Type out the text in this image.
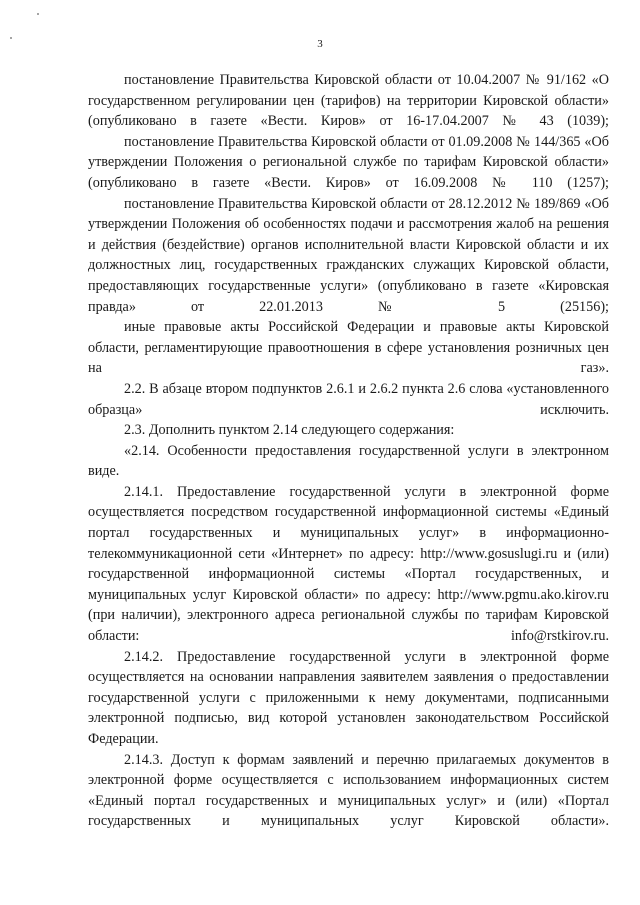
3

постановление Правительства Кировской области от 10.04.2007 № 91/162 «О государственном регулировании цен (тарифов) на территории Кировской области» (опубликовано в газете «Вести. Киров» от 16-17.04.2007 № 43 (1039);

постановление Правительства Кировской области от 01.09.2008 № 144/365 «Об утверждении Положения о региональной службе по тарифам Кировской области» (опубликовано в газете «Вести. Киров» от 16.09.2008 № 110 (1257);

постановление Правительства Кировской области от 28.12.2012 № 189/869 «Об утверждении Положения об особенностях подачи и рассмотрения жалоб на решения и действия (бездействие) органов исполнительной власти Кировской области и их должностных лиц, государственных гражданских служащих Кировской области, предоставляющих государственные услуги» (опубликовано в газете «Кировская правда» от 22.01.2013 № 5 (25156);

иные правовые акты Российской Федерации и правовые акты Кировской области, регламентирующие правоотношения в сфере установления розничных цен на газ».

2.2. В абзаце втором подпунктов 2.6.1 и 2.6.2 пункта 2.6 слова «установленного образца» исключить.

2.3. Дополнить пунктом 2.14 следующего содержания:

«2.14. Особенности предоставления государственной услуги в электронном виде.

2.14.1. Предоставление государственной услуги в электронной форме осуществляется посредством государственной информационной системы «Единый портал государственных и муниципальных услуг» в информационно-телекоммуникационной сети «Интернет» по адресу: http://www.gosuslugi.ru и (или) государственной информационной системы «Портал государственных, и муниципальных услуг Кировской области» по адресу: http://www.pgmu.ako.kirov.ru (при наличии), электронного адреса региональной службы по тарифам Кировской области: info@rstkirov.ru.

2.14.2. Предоставление государственной услуги в электронной форме осуществляется на основании направления заявителем заявления о предоставлении государственной услуги с приложенными к нему документами, подписанными электронной подписью, вид которой установлен законодательством Российской Федерации.

2.14.3. Доступ к формам заявлений и перечню прилагаемых документов в электронной форме осуществляется с использованием информационных систем «Единый портал государственных и муниципальных услуг» и (или) «Портал государственных и муниципальных услуг Кировской области».
